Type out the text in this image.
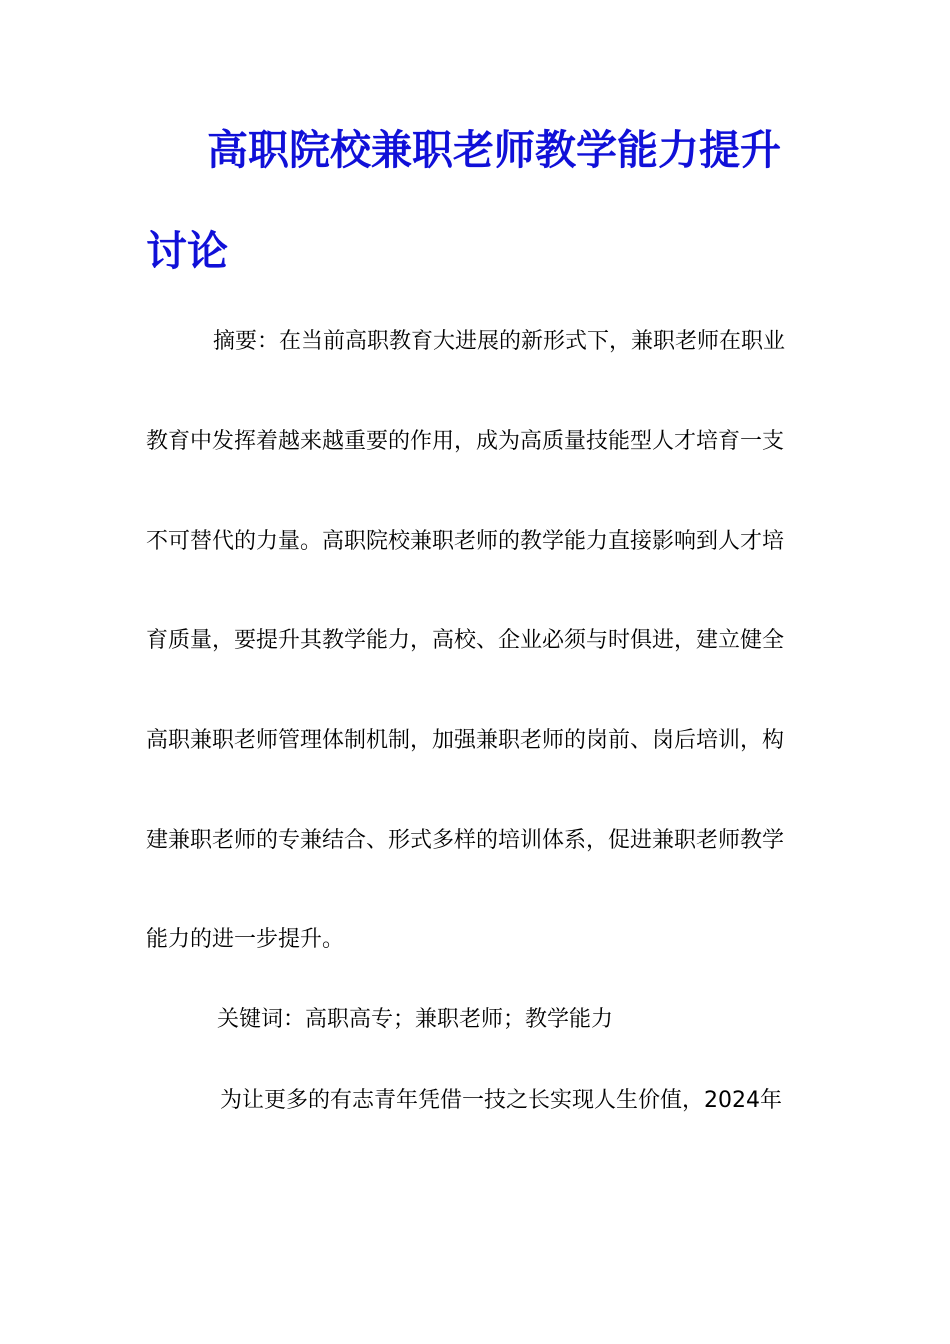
高职院校兼职老师教学能力提升
讨论
摘要：在当前高职教育大进展的新形式下，兼职老师在职业
教育中发挥着越来越重要的作用，成为高质量技能型人才培育一支
不可替代的力量。高职院校兼职老师的教学能力直接影响到人才培
育质量，要提升其教学能力，高校、企业必须与时俱进，建立健全
高职兼职老师管理体制机制，加强兼职老师的岗前、岗后培训，构
建兼职老师的专兼结合、形式多样的培训体系，促进兼职老师教学
能力的进一步提升。
关键词：高职高专；兼职老师；教学能力
为让更多的有志青年凭借一技之长实现人生价值，2024年
